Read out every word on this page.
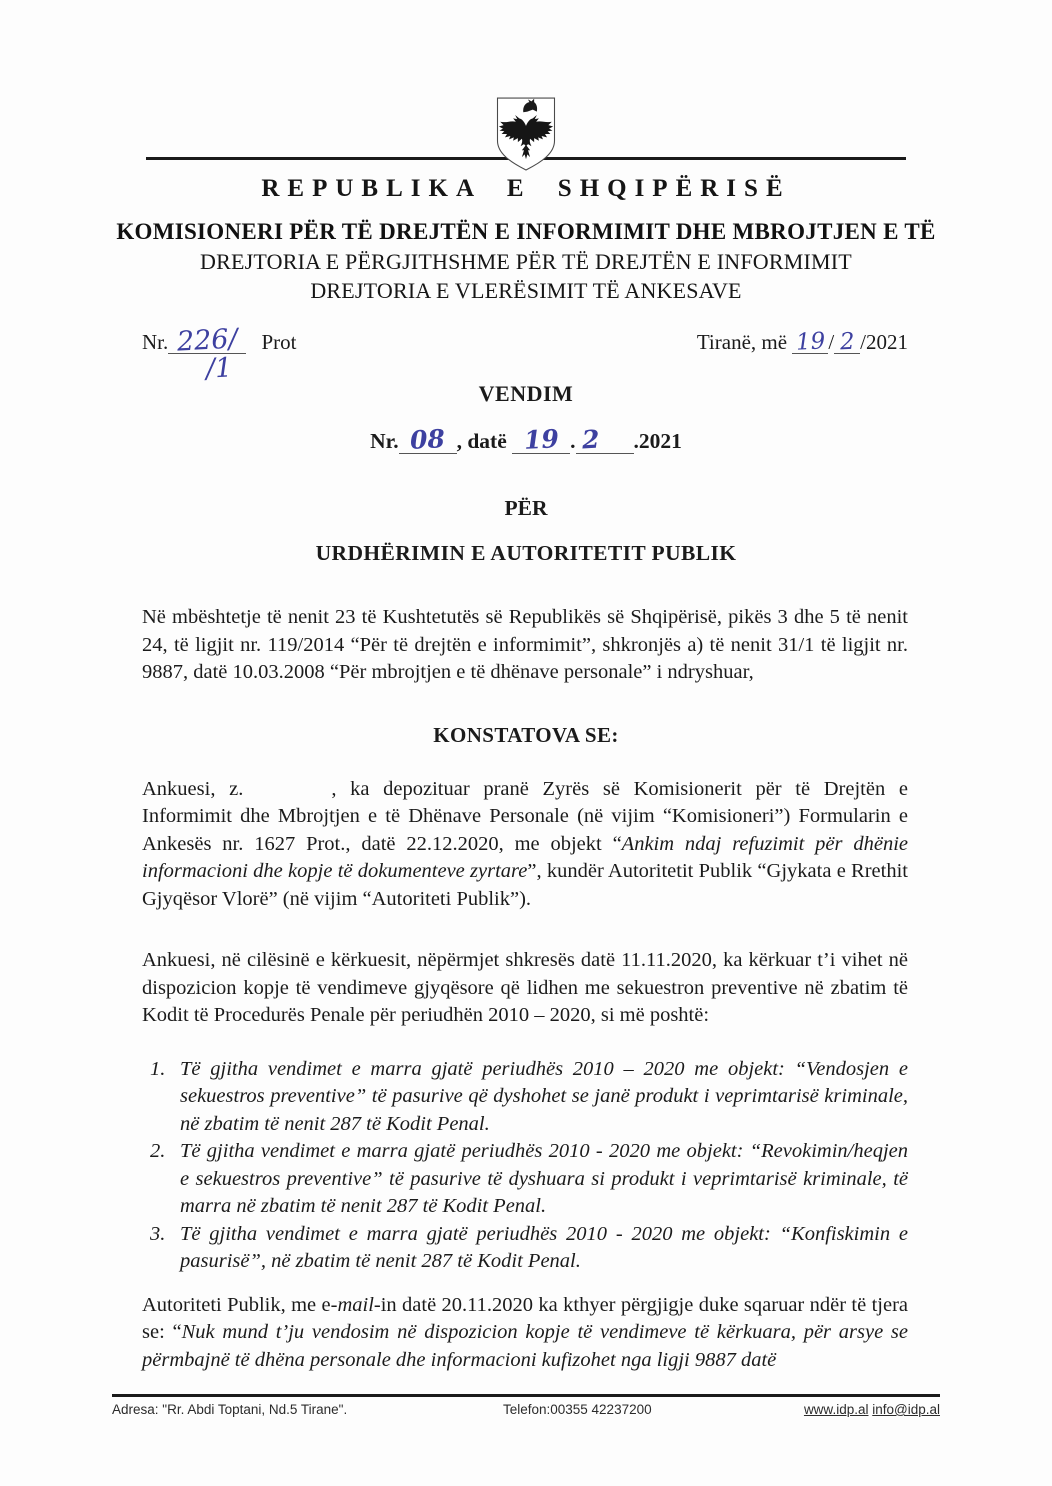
REPUBLIKA E SHQIPËRISË
KOMISIONERI PËR TË DREJTËN E INFORMIMIT DHE MBROJTJEN E TË
DREJTORIA E PËRGJITHSHME PËR TË DREJTËN E INFORMIMIT
DREJTORIA E VLERËSIMIT TË ANKESAVE
Nr. 226/ Prot
/1
Tiranë, më 19 / 2 /2021
VENDIM
Nr. 08 , datë 19 . 2 .2021
PËR
URDHËRIMIN E AUTORITETIT PUBLIK

Në mbështetje të nenit 23 të Kushtetutës së Republikës së Shqipërisë, pikës 3 dhe 5 të nenit 24, të ligjit nr. 119/2014 “Për të drejtën e informimit”, shkronjës a) të nenit 31/1 të ligjit nr. 9887, datë 10.03.2008 “Për mbrojtjen e të dhënave personale” i ndryshuar,

KONSTATOVA SE:

Ankuesi, z.	, ka depozituar pranë Zyrës së Komisionerit për të Drejtën e Informimit dhe Mbrojtjen e të Dhënave Personale (në vijim “Komisioneri”) Formularin e Ankesës nr. 1627 Prot., datë 22.12.2020, me objekt “Ankim ndaj refuzimit për dhënie informacioni dhe kopje të dokumenteve zyrtare”, kundër Autoritetit Publik “Gjykata e Rrethit Gjyqësor Vlorë” (në vijim “Autoriteti Publik”).

Ankuesi, në cilësinë e kërkuesit, nëpërmjet shkresës datë 11.11.2020, ka kërkuar t’i vihet në dispozicion kopje të vendimeve gjyqësore që lidhen me sekuestron preventive në zbatim të Kodit të Procedurës Penale për periudhën 2010 – 2020, si më poshtë:

1. Të gjitha vendimet e marra gjatë periudhës 2010 – 2020 me objekt: “Vendosjen e sekuestros preventive” të pasurive që dyshohet se janë produkt i veprimtarisë kriminale, në zbatim të nenit 287 të Kodit Penal.
2. Të gjitha vendimet e marra gjatë periudhës 2010 - 2020 me objekt: “Revokimin/heqjen e sekuestros preventive” të pasurive të dyshuara si produkt i veprimtarisë kriminale, të marra në zbatim të nenit 287 të Kodit Penal.
3. Të gjitha vendimet e marra gjatë periudhës 2010 - 2020 me objekt: “Konfiskimin e pasurisë”, në zbatim të nenit 287 të Kodit Penal.

Autoriteti Publik, me e-mail-in datë 20.11.2020 ka kthyer përgjigje duke sqaruar ndër të tjera se: “Nuk mund t’ju vendosim në dispozicion kopje të vendimeve të kërkuara, për arsye se përmbajnë të dhëna personale dhe informacioni kufizohet nga ligji 9887 datë

Adresa: "Rr. Abdi Toptani, Nd.5 Tirane".	Telefon:00355 42237200	www.idp.al info@idp.al
